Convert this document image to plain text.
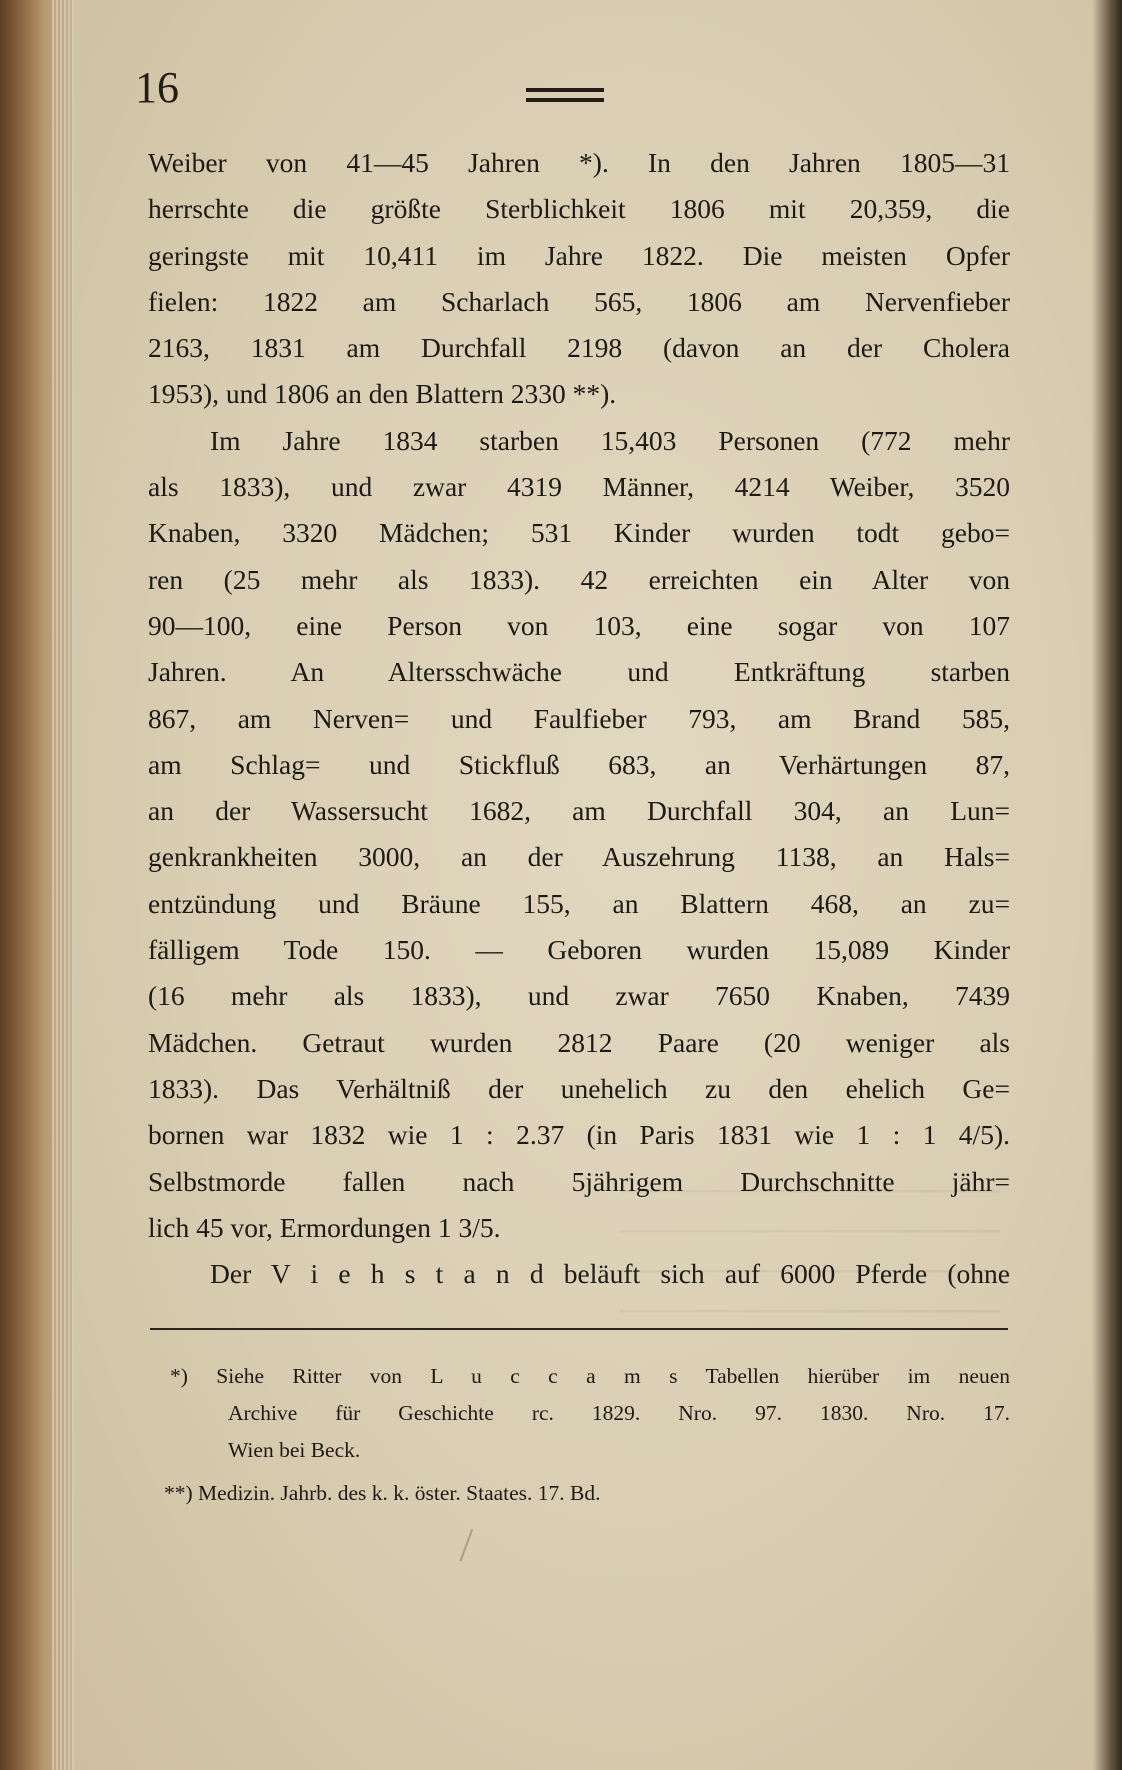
16
Weiber von 41—45 Jahren *). In den Jahren 1805—31
herrschte die größte Sterblichkeit 1806 mit 20,359, die
geringste mit 10,411 im Jahre 1822. Die meisten Opfer
fielen: 1822 am Scharlach 565, 1806 am Nervenfieber
2163, 1831 am Durchfall 2198 (davon an der Cholera
1953), und 1806 an den Blattern 2330 **).
Im Jahre 1834 starben 15,403 Personen (772 mehr
als 1833), und zwar 4319 Männer, 4214 Weiber, 3520
Knaben, 3320 Mädchen; 531 Kinder wurden todt gebo=
ren (25 mehr als 1833). 42 erreichten ein Alter von
90—100, eine Person von 103, eine sogar von 107
Jahren. An Altersschwäche und Entkräftung starben
867, am Nerven= und Faulfieber 793, am Brand 585,
am Schlag= und Stickfluß 683, an Verhärtungen 87,
an der Wassersucht 1682, am Durchfall 304, an Lun=
genkrankheiten 3000, an der Auszehrung 1138, an Hals=
entzündung und Bräune 155, an Blattern 468, an zu=
fälligem Tode 150. — Geboren wurden 15,089 Kinder
(16 mehr als 1833), und zwar 7650 Knaben, 7439
Mädchen. Getraut wurden 2812 Paare (20 weniger als
1833). Das Verhältniß der unehelich zu den ehelich Ge=
bornen war 1832 wie 1 : 2.37 (in Paris 1831 wie 1 : 1 4/5).
Selbstmorde fallen nach 5jährigem Durchschnitte jähr=
lich 45 vor, Ermordungen 1 3/5.
Der V i e h s t a n d beläuft sich auf 6000 Pferde (ohne
*) Siehe Ritter von L u c c a m s Tabellen hierüber im neuen
Archive für Geschichte rc. 1829. Nro. 97. 1830. Nro. 17.
Wien bei Beck.
**) Medizin. Jahrb. des k. k. öster. Staates. 17. Bd.
